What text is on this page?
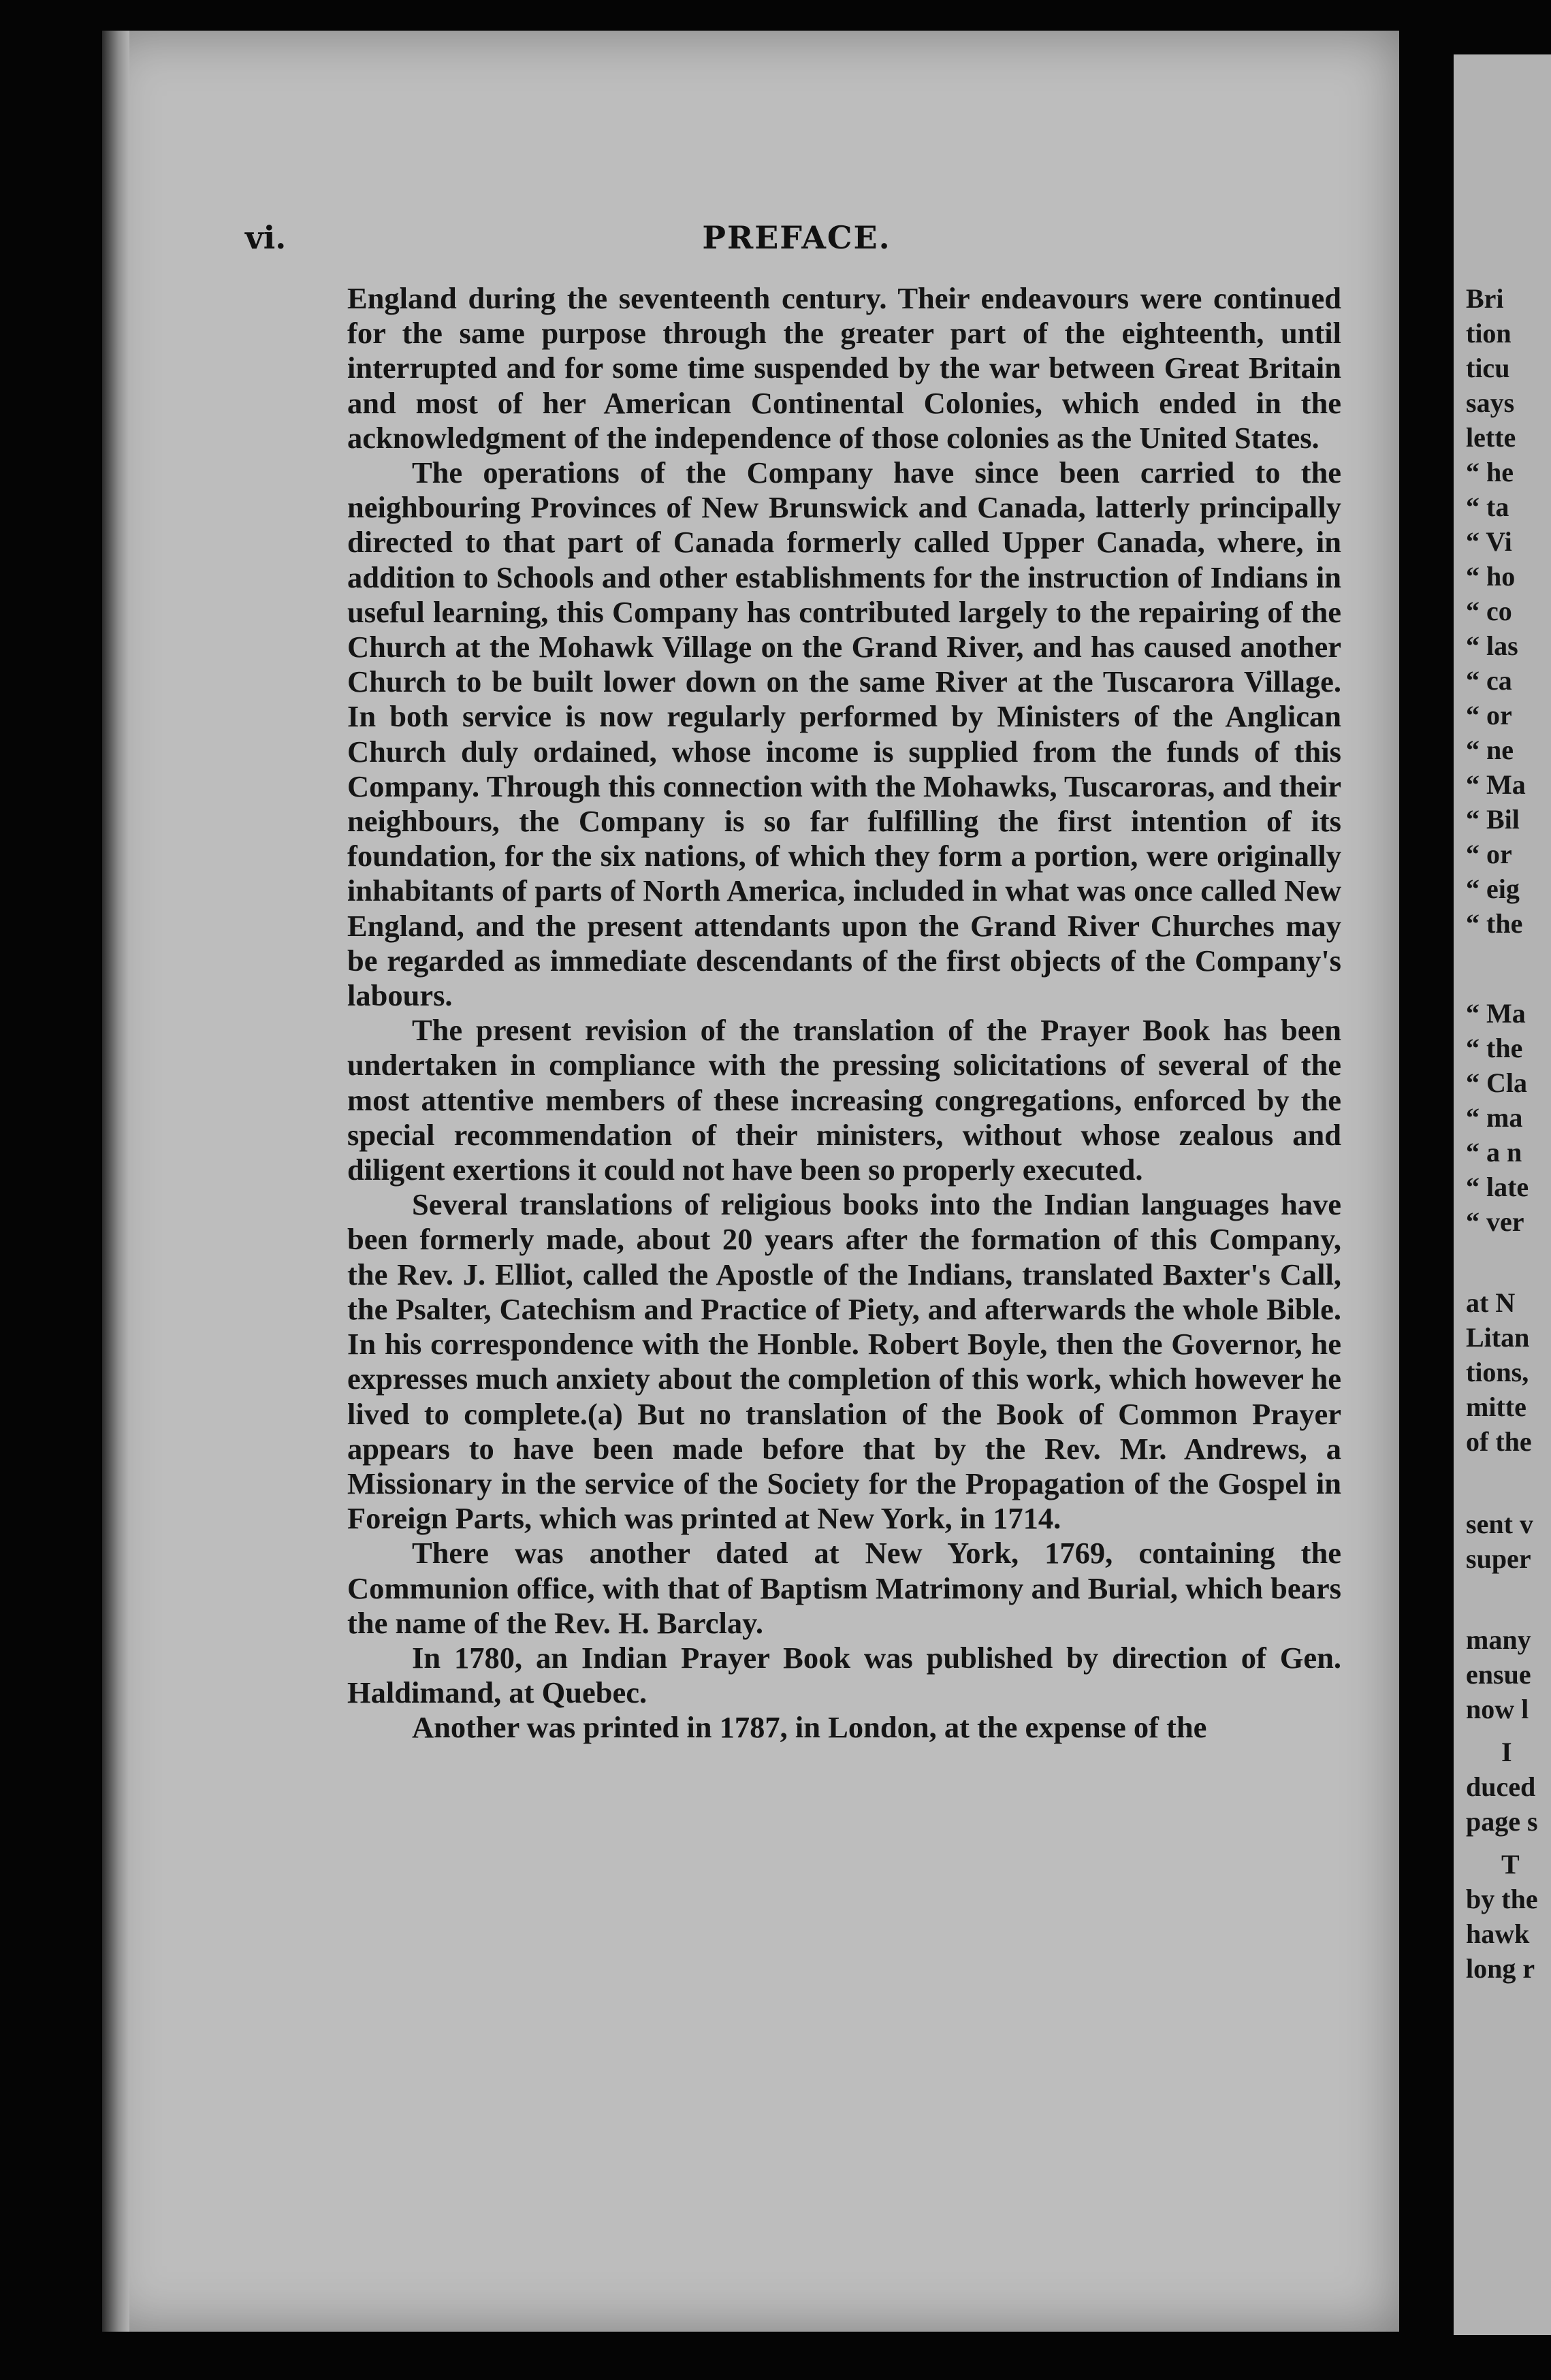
vi.	PREFACE.

England during the seventeenth century. Their endeavours were continued for the same purpose through the greater part of the eighteenth, until interrupted and for some time suspended by the war between Great Britain and most of her American Continental Colonies, which ended in the acknowledgment of the independence of those colonies as the United States.

The operations of the Company have since been carried to the neighbouring Provinces of New Brunswick and Canada, latterly principally directed to that part of Canada formerly called Upper Canada, where, in addition to Schools and other establishments for the instruction of Indians in useful learning, this Company has contributed largely to the repairing of the Church at the Mohawk Village on the Grand River, and has caused another Church to be built lower down on the same River at the Tuscarora Village. In both service is now regularly performed by Ministers of the Anglican Church duly ordained, whose income is supplied from the funds of this Company. Through this connection with the Mohawks, Tuscaroras, and their neighbours, the Company is so far fulfilling the first intention of its foundation, for the six nations, of which they form a portion, were originally inhabitants of parts of North America, included in what was once called New England, and the present attendants upon the Grand River Churches may be regarded as immediate descendants of the first objects of the Company's labours.

The present revision of the translation of the Prayer Book has been undertaken in compliance with the pressing solicitations of several of the most attentive members of these increasing congregations, enforced by the special recommendation of their ministers, without whose zealous and diligent exertions it could not have been so properly executed.

Several translations of religious books into the Indian languages have been formerly made, about 20 years after the formation of this Company, the Rev. J. Elliot, called the Apostle of the Indians, translated Baxter's Call, the Psalter, Catechism and Practice of Piety, and afterwards the whole Bible. In his correspondence with the Honble. Robert Boyle, then the Governor, he expresses much anxiety about the completion of this work, which however he lived to complete.(a) But no translation of the Book of Common Prayer appears to have been made before that by the Rev. Mr. Andrews, a Missionary in the service of the Society for the Propagation of the Gospel in Foreign Parts, which was printed at New York, in 1714.

There was another dated at New York, 1769, containing the Communion office, with that of Baptism Matrimony and Burial, which bears the name of the Rev. H. Barclay.

In 1780, an Indian Prayer Book was published by direction of Gen. Haldimand, at Quebec.

Another was printed in 1787, in London, at the expense of the

Bri

tion

ticu

says

lette

“ he

“ ta

“ Vi

“ ho

“ co

“ las

“ ca

“ or

“ ne

“ Ma

“ Bil

“ or

“ eig

“ the

“ Ma

“ the

“ Cla

“ ma

“ a n

“ late

“ ver

at N

Litan

tions,

mitte

of the

sent v

super

many

ensue

now l

I

duced

page s

T

by the

hawk

long r
